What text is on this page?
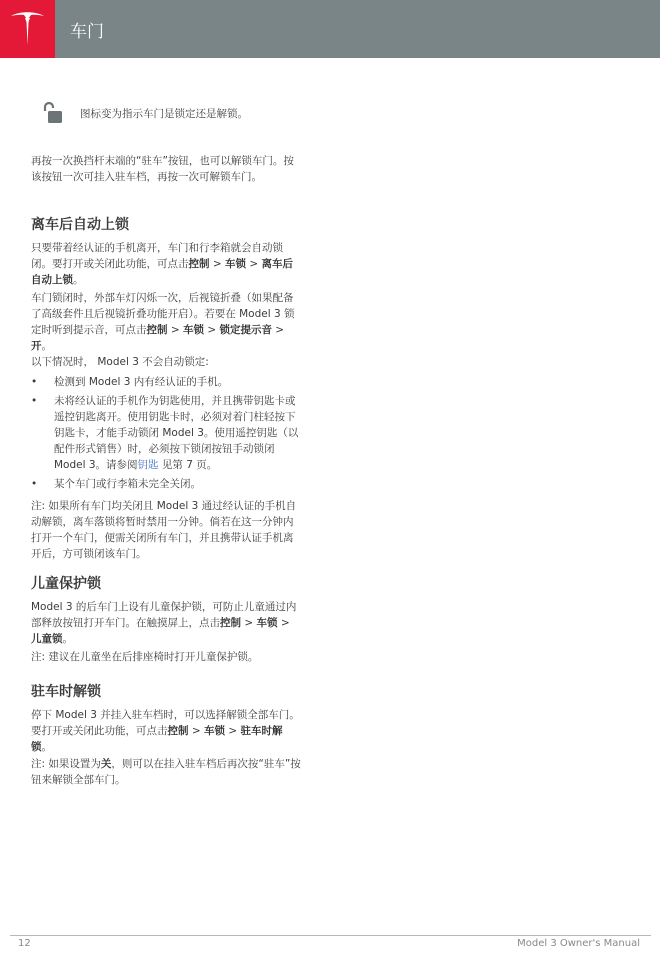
车门
图标变为指示车门是锁定还是解锁。

再按一次换挡杆末端的“驻车”按钮，也可以解锁车门。按该按钮一次可挂入驻车档，再按一次可解锁车门。

离车后自动上锁

只要带着经认证的手机离开，车门和行李箱就会自动锁闭。要打开或关闭此功能，可点击控制 > 车锁 > 离车后自动上锁。

车门锁闭时，外部车灯闪烁一次，后视镜折叠（如果配备了高级套件且后视镜折叠功能开启）。若要在 Model 3 锁定时听到提示音，可点击控制 > 车锁 > 锁定提示音 > 开。

以下情况时， Model 3 不会自动锁定:

• 检测到 Model 3 内有经认证的手机。
• 未将经认证的手机作为钥匙使用，并且携带钥匙卡或遥控钥匙离开。使用钥匙卡时，必须对着门柱轻按下钥匙卡，才能手动锁闭 Model 3。使用遥控钥匙（以配件形式销售）时，必须按下锁闭按钮手动锁闭 Model 3。请参阅钥匙 见第 7 页。
• 某个车门或行李箱未完全关闭。

注: 如果所有车门均关闭且 Model 3 通过经认证的手机自动解锁，离车落锁将暂时禁用一分钟。倘若在这一分钟内打开一个车门，便需关闭所有车门，并且携带认证手机离开后，方可锁闭该车门。

儿童保护锁

Model 3 的后车门上设有儿童保护锁，可防止儿童通过内部释放按钮打开车门。在触摸屏上，点击控制 > 车锁 > 儿童锁。

注: 建议在儿童坐在后排座椅时打开儿童保护锁。

驻车时解锁

停下 Model 3 并挂入驻车档时，可以选择解锁全部车门。要打开或关闭此功能，可点击控制 > 车锁 > 驻车时解锁。

注: 如果设置为关，则可以在挂入驻车档后再次按“驻车”按钮来解锁全部车门。

12	Model 3 Owner's Manual
